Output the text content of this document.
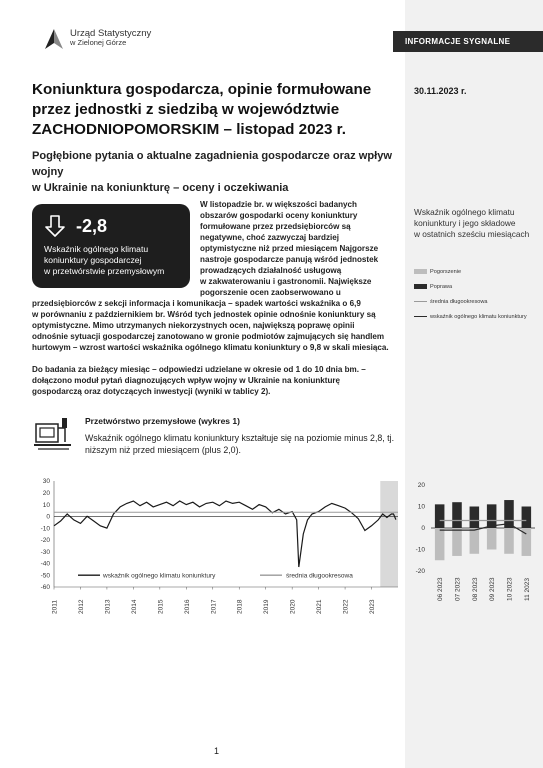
Urząd Statystyczny
w Zielonej Górze	INFORMACJE SYGNALNE
30.11.2023 r.
Koniunktura gospodarcza, opinie formułowane
przez jednostki z siedzibą w województwie
ZACHODNIOPOMORSKIM – listopad 2023 r.
Pogłębione pytania o aktualne zagadnienia gospodarcze oraz wpływ wojny
w Ukrainie na koniunkturę – oceny i oczekiwania
-2,8
Wskaźnik ogólnego klimatu
koniunktury gospodarczej
w przetwórstwie przemysłowym
W listopadzie br. w większości badanych
obszarów gospodarki oceny koniunktury
formułowane przez przedsiębiorców są
negatywne, choć zazwyczaj bardziej
optymistyczne niż przed miesiącem Najgorsze
nastroje gospodarcze panują wśród jednostek
prowadzących działalność usługową
w zakwaterowaniu i gastronomii. Największe
pogorszenie ocen zaobserwowano u
przedsiębiorców z sekcji informacja i komunikacja – spadek wartości wskaźnika o 6,9
w porównaniu z październikiem br. Wśród tych jednostek opinie odnośnie koniunktury są
optymistyczne. Mimo utrzymanych niekorzystnych ocen, największą poprawę opinii
odnośnie sytuacji gospodarczej zanotowano w gronie podmiotów zajmujących się handlem
hurtowym – wzrost wartości wskaźnika ogólnego klimatu koniunktury o 9,8 w skali miesiąca.
Do badania za bieżący miesiąc – odpowiedzi udzielane w okresie od 1 do 10 dnia bm. –
dołączono moduł pytań diagnozujących wpływ wojny w Ukrainie na koniunkturę
gospodarczą oraz dotyczących inwestycji (wyniki w tablicy 2).
Przetwórstwo przemysłowe (wykres 1)
Wskaźnik ogólnego klimatu koniunktury kształtuje się na poziomie minus 2,8, tj.
niższym niż przed miesiącem (plus 2,0).
Wskaźnik ogólnego klimatu
koniunktury i jego składowe
w ostatnich sześciu miesiącach
Pogorszenie
Poprawa
średnia długookresowa
wskaźnik ogólnego klimatu koniunktury
30
20
10
0
-10
-20
-30
-40
-50
-60
2011	2012	2013	2014	2015	2016	2017	2018	2019	2020	2021	2022	2023
wskaźnik ogólnego klimatu koniunktury	średnia długookresowa
20
10
0
-10
-20
06 2023 07 2023 08 2023 09 2023 10 2023 11 2023
1
